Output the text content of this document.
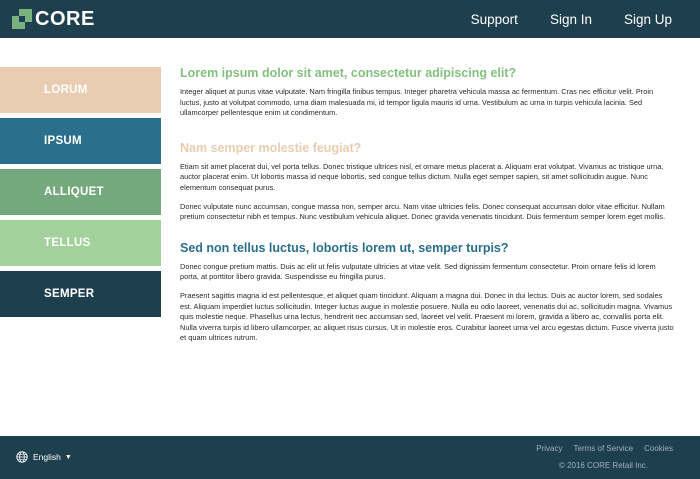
CORE	Support Sign In Sign Up
LORUM
IPSUM
ALLIQUET
TELLUS
SEMPER
Lorem ipsum dolor sit amet, consectetur adipiscing elit?

Integer aliquet at purus vitae vulputate. Nam fringilla finibus tempus. Integer pharetra vehicula massa ac fermentum. Cras nec efficitur velit. Proin luctus, justo at volutpat commodo, urna diam malesuada mi, id tempor ligula mauris id urna. Vestibulum ac urna in turpis vehicula lacinia. Sed ullamcorper pellentesque enim ut condimentum.

Nam semper molestie feugiat?

Etiam sit amet placerat dui, vel porta tellus. Donec tristique ultrices nisl, et ornare metus placerat a. Aliquam erat volutpat. Vivamus ac tristique urna, auctor placerat enim. Ut lobortis massa id neque lobortis, sed congue tellus dictum. Nulla eget semper sapien, sit amet sollicitudin augue. Nunc elementum consequat purus.

Donec vulputate nunc accumsan, congue massa non, semper arcu. Nam vitae ultricies felis. Donec consequat accumsan dolor vitae efficitur. Nullam pretium consectetur nibh et tempus. Nunc vestibulum vehicula aliquet. Donec gravida venenatis tincidunt. Duis fermentum semper lorem eget mollis.

Sed non tellus luctus, lobortis lorem ut, semper turpis?

Donec congue pretium mattis. Duis ac elit ut felis vulputate ultricies at vitae velit. Sed dignissim fermentum consectetur. Proin ornare felis id lorem porta, at porttitor libero gravida. Suspendisse eu fringilla purus.

Praesent sagittis magna id est pellentesque, et aliquet quam tincidunt. Aliquam a magna dui. Donec in dui lectus. Duis ac auctor lorem, sed sodales est. Aliquam imperdiet luctus sollicitudin. Integer luctus augue in molestie posuere. Nulla eu odio laoreet, venenatis dui ac, sollicitudin magna. Vivamus quis molestie neque. Phasellus urna lectus, hendrerit nec accumsan sed, laoreet vel velit. Praesent mi lorem, gravida a libero ac, convallis porta elit. Nulla viverra turpis id libero ullamcorper, ac aliquet risus cursus. Ut in molestie eros. Curabitur laoreet urna vel arcu egestas dictum. Fusce viverra justo et quam ultrices rutrum.

English ▼
Privacy Terms of Service Cookies
© 2016 CORE Retail Inc.
